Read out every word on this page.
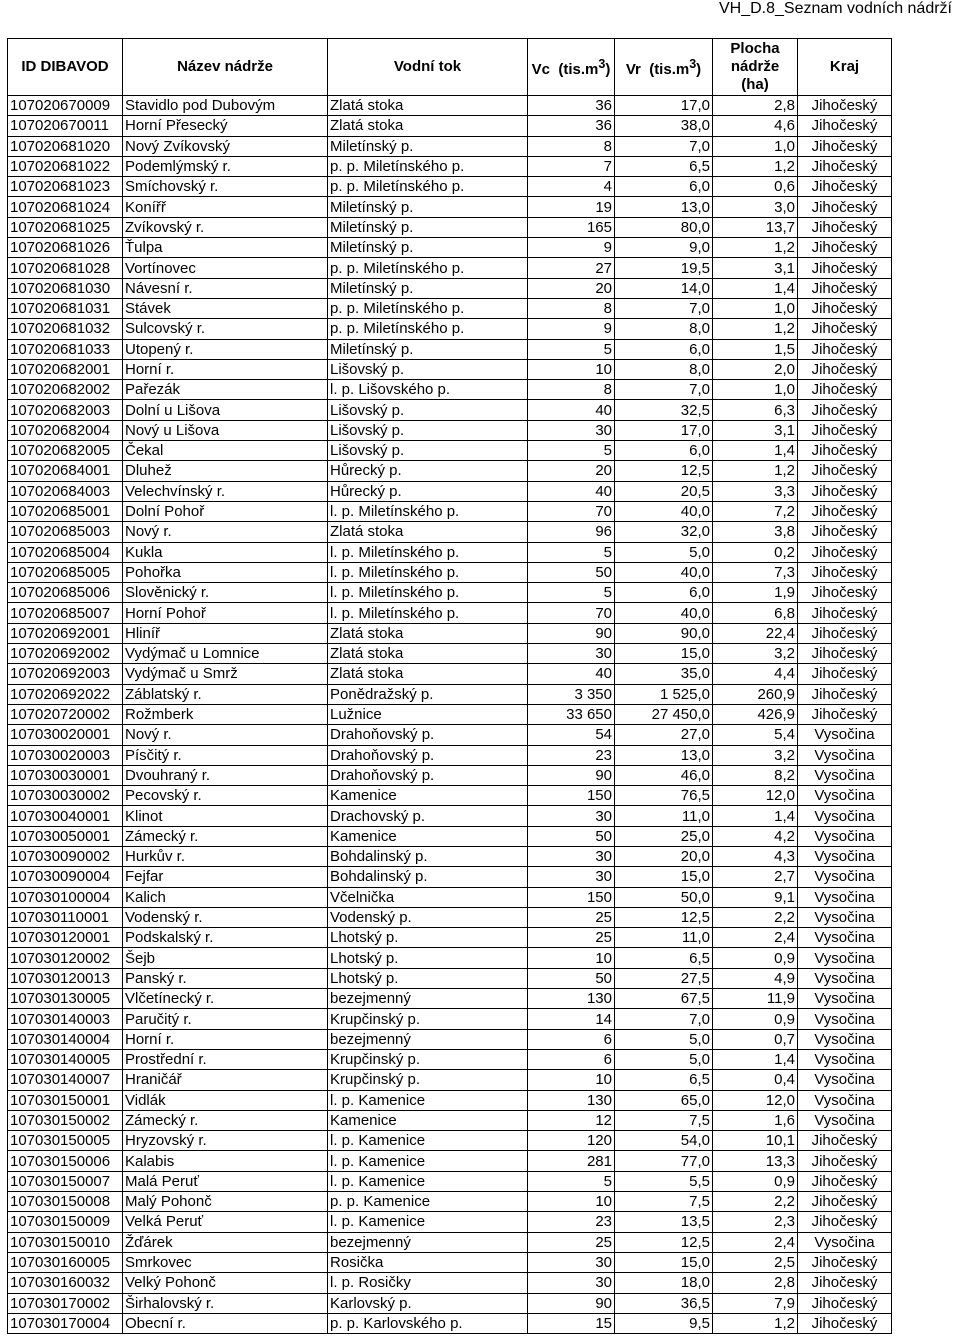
VH_D.8_Seznam vodních nádrží
ID DIBAVOD	Název nádrže	Vodní tok	Vc  $(tis.m^3)$	Vr  $(tis.m^3)$	Plocha
nádrže
(ha)	Kraj
107020670009	Stavidlo pod Dubovým	Zlatá stoka	36	17,0	2,8	Jihočeský
107020670011	Horní Přesecký	Zlatá stoka	36	38,0	4,6	Jihočeský
107020681020	Nový Zvíkovský	Miletínský p.	8	7,0	1,0	Jihočeský
107020681022	Podemlýmský r.	p. p. Miletínského p.	7	6,5	1,2	Jihočeský
107020681023	Smíchovský r.	p. p. Miletínského p.	4	6,0	0,6	Jihočeský
107020681024	Konířř	Miletínský p.	19	13,0	3,0	Jihočeský
107020681025	Zvíkovský r.	Miletínský p.	165	80,0	13,7	Jihočeský
107020681026	Ťulpa	Miletínský p.	9	9,0	1,2	Jihočeský
107020681028	Vortínovec	p. p. Miletínského p.	27	19,5	3,1	Jihočeský
107020681030	Návesní r.	Miletínský p.	20	14,0	1,4	Jihočeský
107020681031	Stávek	p. p. Miletínského p.	8	7,0	1,0	Jihočeský
107020681032	Sulcovský r.	p. p. Miletínského p.	9	8,0	1,2	Jihočeský
107020681033	Utopený r.	Miletínský p.	5	6,0	1,5	Jihočeský
107020682001	Horní r.	Lišovský p.	10	8,0	2,0	Jihočeský
107020682002	Pařezák	l. p. Lišovského p.	8	7,0	1,0	Jihočeský
107020682003	Dolní u Lišova	Lišovský p.	40	32,5	6,3	Jihočeský
107020682004	Nový u Lišova	Lišovský p.	30	17,0	3,1	Jihočeský
107020682005	Čekal	Lišovský p.	5	6,0	1,4	Jihočeský
107020684001	Dluhež	Hůrecký p.	20	12,5	1,2	Jihočeský
107020684003	Velechvínský r.	Hůrecký p.	40	20,5	3,3	Jihočeský
107020685001	Dolní Pohoř	l. p. Miletínského p.	70	40,0	7,2	Jihočeský
107020685003	Nový r.	Zlatá stoka	96	32,0	3,8	Jihočeský
107020685004	Kukla	l. p. Miletínského p.	5	5,0	0,2	Jihočeský
107020685005	Pohořka	l. p. Miletínského p.	50	40,0	7,3	Jihočeský
107020685006	Slověnický r.	l. p. Miletínského p.	5	6,0	1,9	Jihočeský
107020685007	Horní Pohoř	l. p. Miletínského p.	70	40,0	6,8	Jihočeský
107020692001	Hliníř	Zlatá stoka	90	90,0	22,4	Jihočeský
107020692002	Vydýmač u Lomnice	Zlatá stoka	30	15,0	3,2	Jihočeský
107020692003	Vydýmač u Smrž	Zlatá stoka	40	35,0	4,4	Jihočeský
107020692022	Záblatský r.	Ponědražský p.	3 350	1 525,0	260,9	Jihočeský
107020720002	Rožmberk	Lužnice	33 650	27 450,0	426,9	Jihočeský
107030020001	Nový r.	Drahoňovský p.	54	27,0	5,4	Vysočina
107030020003	Písčitý r.	Drahoňovský p.	23	13,0	3,2	Vysočina
107030030001	Dvouhraný r.	Drahoňovský p.	90	46,0	8,2	Vysočina
107030030002	Pecovský r.	Kamenice	150	76,5	12,0	Vysočina
107030040001	Klinot	Drachovský p.	30	11,0	1,4	Vysočina
107030050001	Zámecký r.	Kamenice	50	25,0	4,2	Vysočina
107030090002	Hurkův r.	Bohdalinský p.	30	20,0	4,3	Vysočina
107030090004	Fejfar	Bohdalinský p.	30	15,0	2,7	Vysočina
107030100004	Kalich	Včelnička	150	50,0	9,1	Vysočina
107030110001	Vodenský r.	Vodenský p.	25	12,5	2,2	Vysočina
107030120001	Podskalský r.	Lhotský p.	25	11,0	2,4	Vysočina
107030120002	Šejb	Lhotský p.	10	6,5	0,9	Vysočina
107030120013	Panský r.	Lhotský p.	50	27,5	4,9	Vysočina
107030130005	Vlčetínecký r.	bezejmenný	130	67,5	11,9	Vysočina
107030140003	Paručitý r.	Krupčinský p.	14	7,0	0,9	Vysočina
107030140004	Horní r.	bezejmenný	6	5,0	0,7	Vysočina
107030140005	Prostřední r.	Krupčinský p.	6	5,0	1,4	Vysočina
107030140007	Hraničář	Krupčinský p.	10	6,5	0,4	Vysočina
107030150001	Vidlák	l. p. Kamenice	130	65,0	12,0	Vysočina
107030150002	Zámecký r.	Kamenice	12	7,5	1,6	Vysočina
107030150005	Hryzovský r.	l. p. Kamenice	120	54,0	10,1	Jihočeský
107030150006	Kalabis	l. p. Kamenice	281	77,0	13,3	Jihočeský
107030150007	Malá Peruť	l. p. Kamenice	5	5,5	0,9	Jihočeský
107030150008	Malý Pohonč	p. p. Kamenice	10	7,5	2,2	Jihočeský
107030150009	Velká Peruť	l. p. Kamenice	23	13,5	2,3	Jihočeský
107030150010	Žďárek	bezejmenný	25	12,5	2,4	Vysočina
107030160005	Smrkovec	Rosička	30	15,0	2,5	Jihočeský
107030160032	Velký Pohonč	l. p. Rosičky	30	18,0	2,8	Jihočeský
107030170002	Širhalovský r.	Karlovský p.	90	36,5	7,9	Jihočeský
107030170004	Obecní r.	p. p. Karlovského p.	15	9,5	1,2	Jihočeský
